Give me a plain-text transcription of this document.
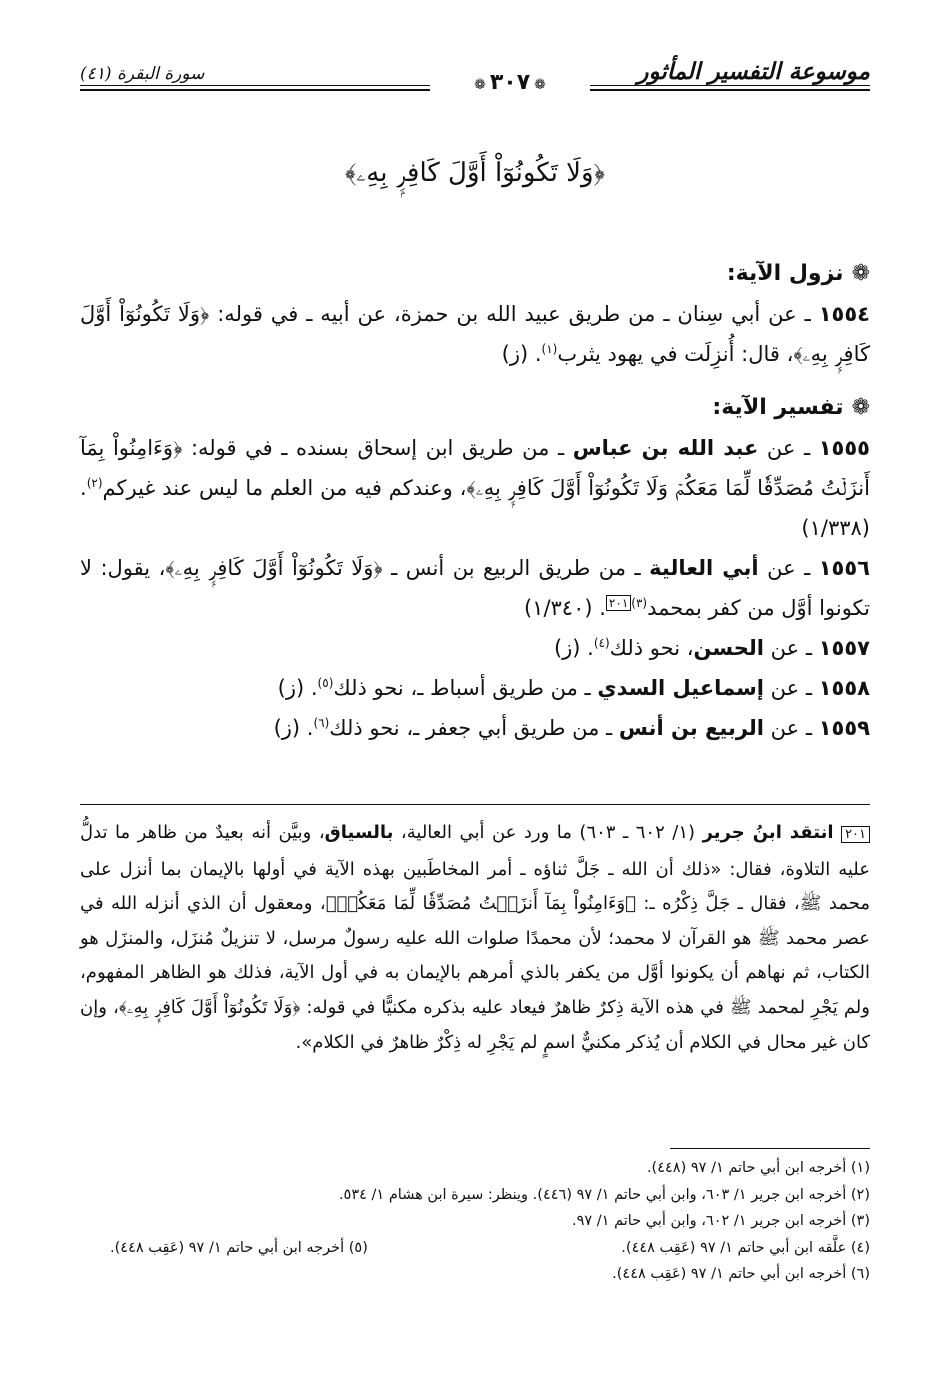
موسوعة التفسير المأثور
سورة البقرة (٤١)
❁٣٠٧❁
﴿وَلَا تَكُونُوٓاْ أَوَّلَ كَافِرِۭ بِهِۦ﴾

❁نزول الآية:

١٥٥٤ ـ عن أبي سِنان ـ من طريق عبيد الله بن حمزة، عن أبيه ـ في قوله: ﴿وَلَا تَكُونُوٓاْ أَوَّلَ كَافِرِۭ بِهِۦ﴾، قال: أُنزِلَت في يهود يثرب$^{(١)}$. (ز)

❁تفسير الآية:

١٥٥٥ ـ عن عبد الله بن عباس ـ من طريق ابن إسحاق بسنده ـ في قوله: ﴿وَءَامِنُواْ بِمَآ أَنزَلۡتُ مُصَدِّقٗا لِّمَا مَعَكُمۡ وَلَا تَكُونُوٓاْ أَوَّلَ كَافِرِۭ بِهِۦ﴾، وعندكم فيه من العلم ما ليس عند غيركم$^{(٢)}$. (١/٣٣٨)

١٥٥٦ ـ عن أبي العالية ـ من طريق الربيع بن أنس ـ ﴿وَلَا تَكُونُوٓاْ أَوَّلَ كَافِرِۭ بِهِۦ﴾، يقول: لا تكونوا أوَّل من كفر بمحمد$^{(٣)٢٠١}$. (١/٣٤٠)

١٥٥٧ ـ عن الحسن، نحو ذلك$^{(٤)}$. (ز)

١٥٥٨ ـ عن إسماعيل السدي ـ من طريق أسباط ـ، نحو ذلك$^{(٥)}$. (ز)

١٥٥٩ ـ عن الربيع بن أنس ـ من طريق أبي جعفر ـ، نحو ذلك$^{(٦)}$. (ز)

٢٠١ انتقد ابنُ جرير (١/ ٦٠٢ ـ ٦٠٣) ما ورد عن أبي العالية، بالسياق، وبيَّن أنه بعيدٌ من ظاهر ما تدلُّ عليه التلاوة، فقال: «ذلك أن الله ـ جَلَّ ثناؤه ـ أمر المخاطَبين بهذه الآية في أولها بالإيمان بما أنزل على محمد ﷺ، فقال ـ جَلَّ ذِكْرُه ـ: ﴿وَءَامِنُواْ بِمَآ أَنزَلۡتُ مُصَدِّقٗا لِّمَا مَعَكُمۡ﴾، ومعقول أن الذي أنزله الله في عصر محمد ﷺ هو القرآن لا محمد؛ لأن محمدًا صلوات الله عليه رسولٌ مرسل، لا تنزيلٌ مُنزَل، والمنزَل هو الكتاب، ثم نهاهم أن يكونوا أوَّل من يكفر بالذي أمرهم بالإيمان به في أول الآية، فذلك هو الظاهر المفهوم، ولم يَجْرِ لمحمد ﷺ في هذه الآية ذِكرٌ ظاهرٌ فيعاد عليه بذكره مكنيًّا في قوله: ﴿وَلَا تَكُونُوٓاْ أَوَّلَ كَافِرِۭ بِهِۦ﴾، وإن كان غير محال في الكلام أن يُذكر مكنيٌّ اسمٍ لم يَجْرِ له ذِكْرٌ ظاهرٌ في الكلام».

(١) أخرجه ابن أبي حاتم ١/ ٩٧ (٤٤٨).

(٢) أخرجه ابن جرير ١/ ٦٠٣، وابن أبي حاتم ١/ ٩٧ (٤٤٦). وينظر: سيرة ابن هشام ١/ ٥٣٤.

(٣) أخرجه ابن جرير ١/ ٦٠٢، وابن أبي حاتم ١/ ٩٧.

(٤) علَّقه ابن أبي حاتم ١/ ٩٧ (عَقِب ٤٤٨).

(٥) أخرجه ابن أبي حاتم ١/ ٩٧ (عَقِب ٤٤٨).

(٦) أخرجه ابن أبي حاتم ١/ ٩٧ (عَقِب ٤٤٨).
